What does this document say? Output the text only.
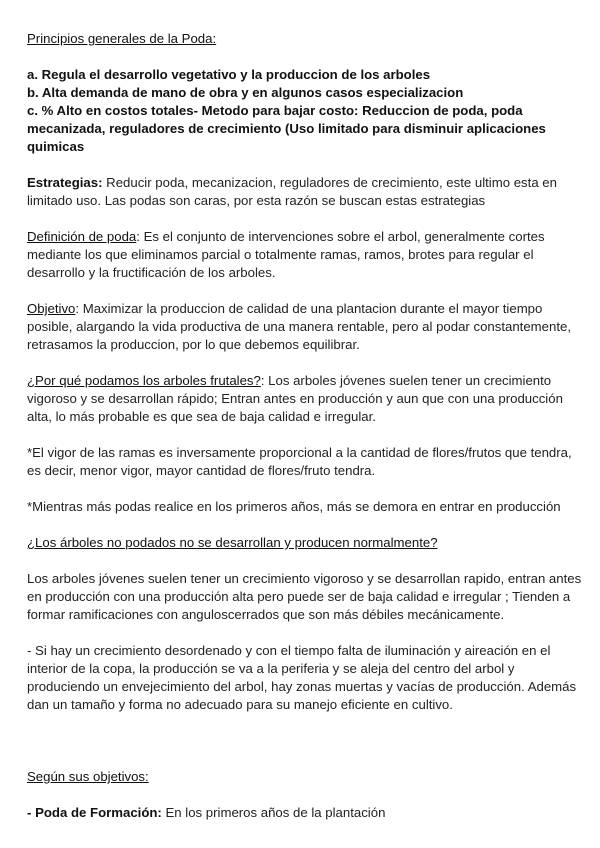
Principios generales de la Poda:

a. Regula el desarrollo vegetativo y la produccion de los arboles

b. Alta demanda de mano de obra y en algunos casos especializacion

c. % Alto en costos totales- Metodo para bajar costo: Reduccion de poda, poda mecanizada, reguladores de crecimiento (Uso limitado para disminuir aplicaciones quimicas

Estrategias: Reducir poda, mecanizacion, reguladores de crecimiento, este ultimo esta en limitado uso. Las podas son caras, por esta razón se buscan estas estrategias

Definición de poda: Es el conjunto de intervenciones sobre el arbol, generalmente cortes mediante los que eliminamos parcial o totalmente ramas, ramos, brotes para regular el desarrollo y la fructificación de los arboles.

Objetivo: Maximizar la produccion de calidad de una plantacion durante el mayor tiempo posible, alargando la vida productiva de una manera rentable, pero al podar constantemente, retrasamos la produccion, por lo que debemos equilibrar.

¿Por qué podamos los arboles frutales?: Los arboles jóvenes suelen tener un crecimiento vigoroso y se desarrollan rápido; Entran antes en producción y aun que con una producción alta, lo más probable es que sea de baja calidad e irregular.

*El vigor de las ramas es inversamente proporcional a la cantidad de flores/frutos que tendra, es decir, menor vigor, mayor cantidad de flores/fruto tendra.

*Mientras más podas realice en los primeros años, más se demora en entrar en producción

¿Los árboles no podados no se desarrollan y producen normalmente?

Los arboles jóvenes suelen tener un crecimiento vigoroso y se desarrollan rapido, entran antes en producción con una producción alta pero puede ser de baja calidad e irregular ; Tienden a formar ramificaciones con anguloscerrados que son más débiles mecánicamente.

- Si hay un crecimiento desordenado y con el tiempo falta de iluminación y aireación en el interior de la copa, la producción se va a la periferia y se aleja del centro del arbol y produciendo un envejecimiento del arbol, hay zonas muertas y vacías de producción. Además dan un tamaño y forma no adecuado para su manejo eficiente en cultivo.

Según sus objetivos:

- Poda de Formación: En los primeros años de la plantación
